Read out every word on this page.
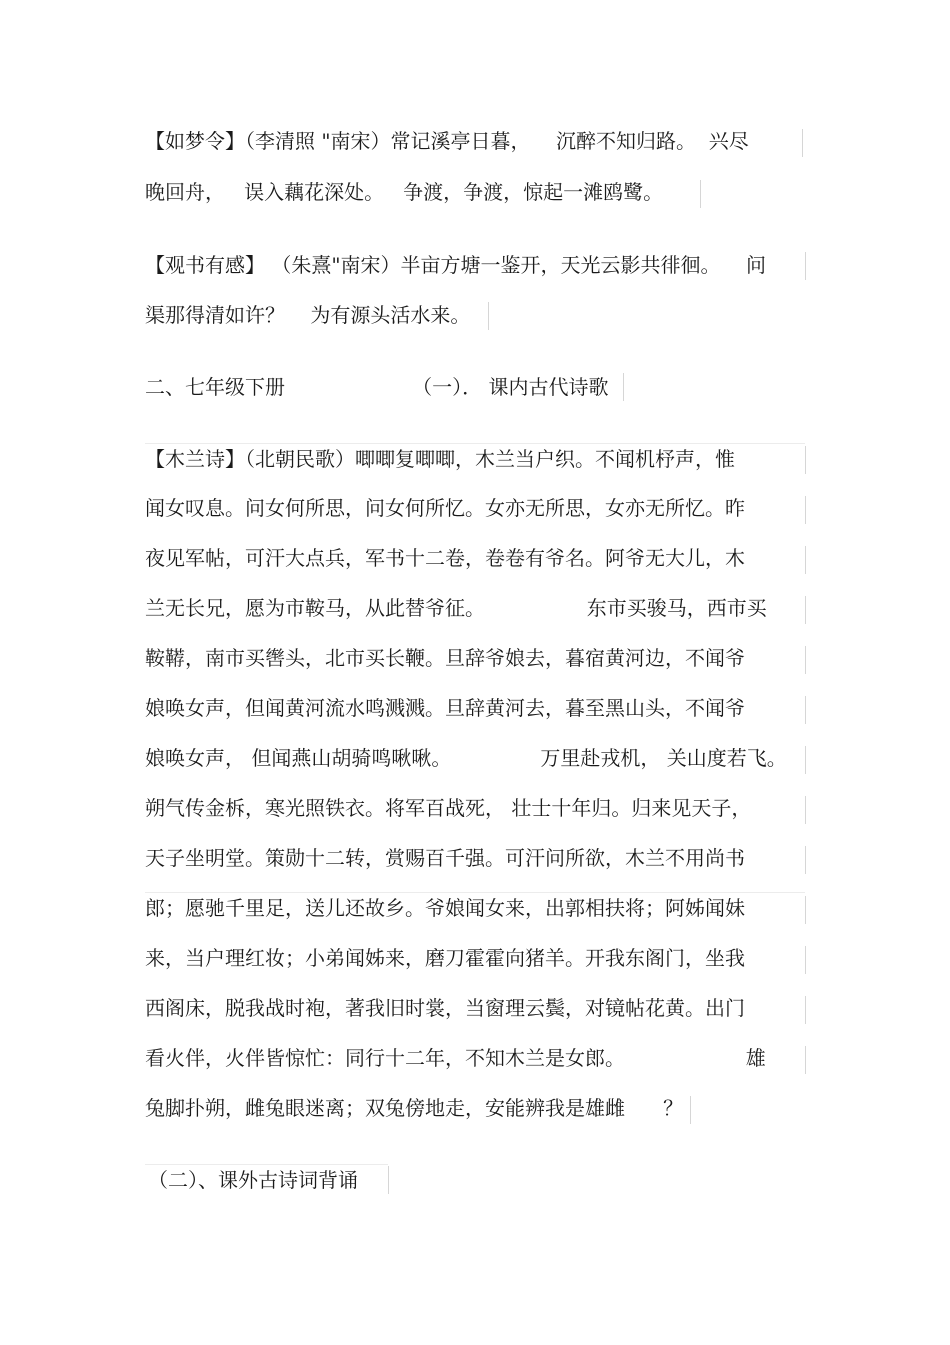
【如梦令】（李清照 "南宋）常记溪亭日暮，    沉醉不知归路。  兴尽
晚回舟，   误入藕花深处。   争渡，争渡，惊起一滩鸥鹭。
【观书有感】 （朱熹"南宋）半亩方塘一鉴开，天光云影共徘徊。    问
渠那得清如许？    为有源头活水来。
二、七年级下册                    （一）． 课内古代诗歌
【木兰诗】（北朝民歌）唧唧复唧唧，木兰当户织。不闻机杼声，惟
闻女叹息。问女何所思，问女何所忆。女亦无所思，女亦无所忆。昨
夜见军帖，可汗大点兵，军书十二卷，卷卷有爷名。阿爷无大儿，木
兰无长兄，愿为市鞍马，从此替爷征。                东市买骏马，西市买
鞍鞯，南市买辔头，北市买长鞭。旦辞爷娘去，暮宿黄河边，不闻爷
娘唤女声，但闻黄河流水鸣溅溅。旦辞黄河去，暮至黑山头，不闻爷
娘唤女声， 但闻燕山胡骑鸣啾啾。              万里赴戎机， 关山度若飞。
朔气传金柝，寒光照铁衣。将军百战死， 壮士十年归。归来见天子，
天子坐明堂。策勋十二转，赏赐百千强。可汗问所欲，木兰不用尚书
郎；愿驰千里足，送儿还故乡。爷娘闻女来，出郭相扶将；阿姊闻妹
来，当户理红妆；小弟闻姊来，磨刀霍霍向猪羊。开我东阁门，坐我
西阁床，脱我战时袍，著我旧时裳，当窗理云鬓，对镜帖花黄。出门
看火伴，火伴皆惊忙：同行十二年，不知木兰是女郎。                   雄
兔脚扑朔，雌兔眼迷离；双兔傍地走，安能辨我是雄雌      ？
（二）、课外古诗词背诵
